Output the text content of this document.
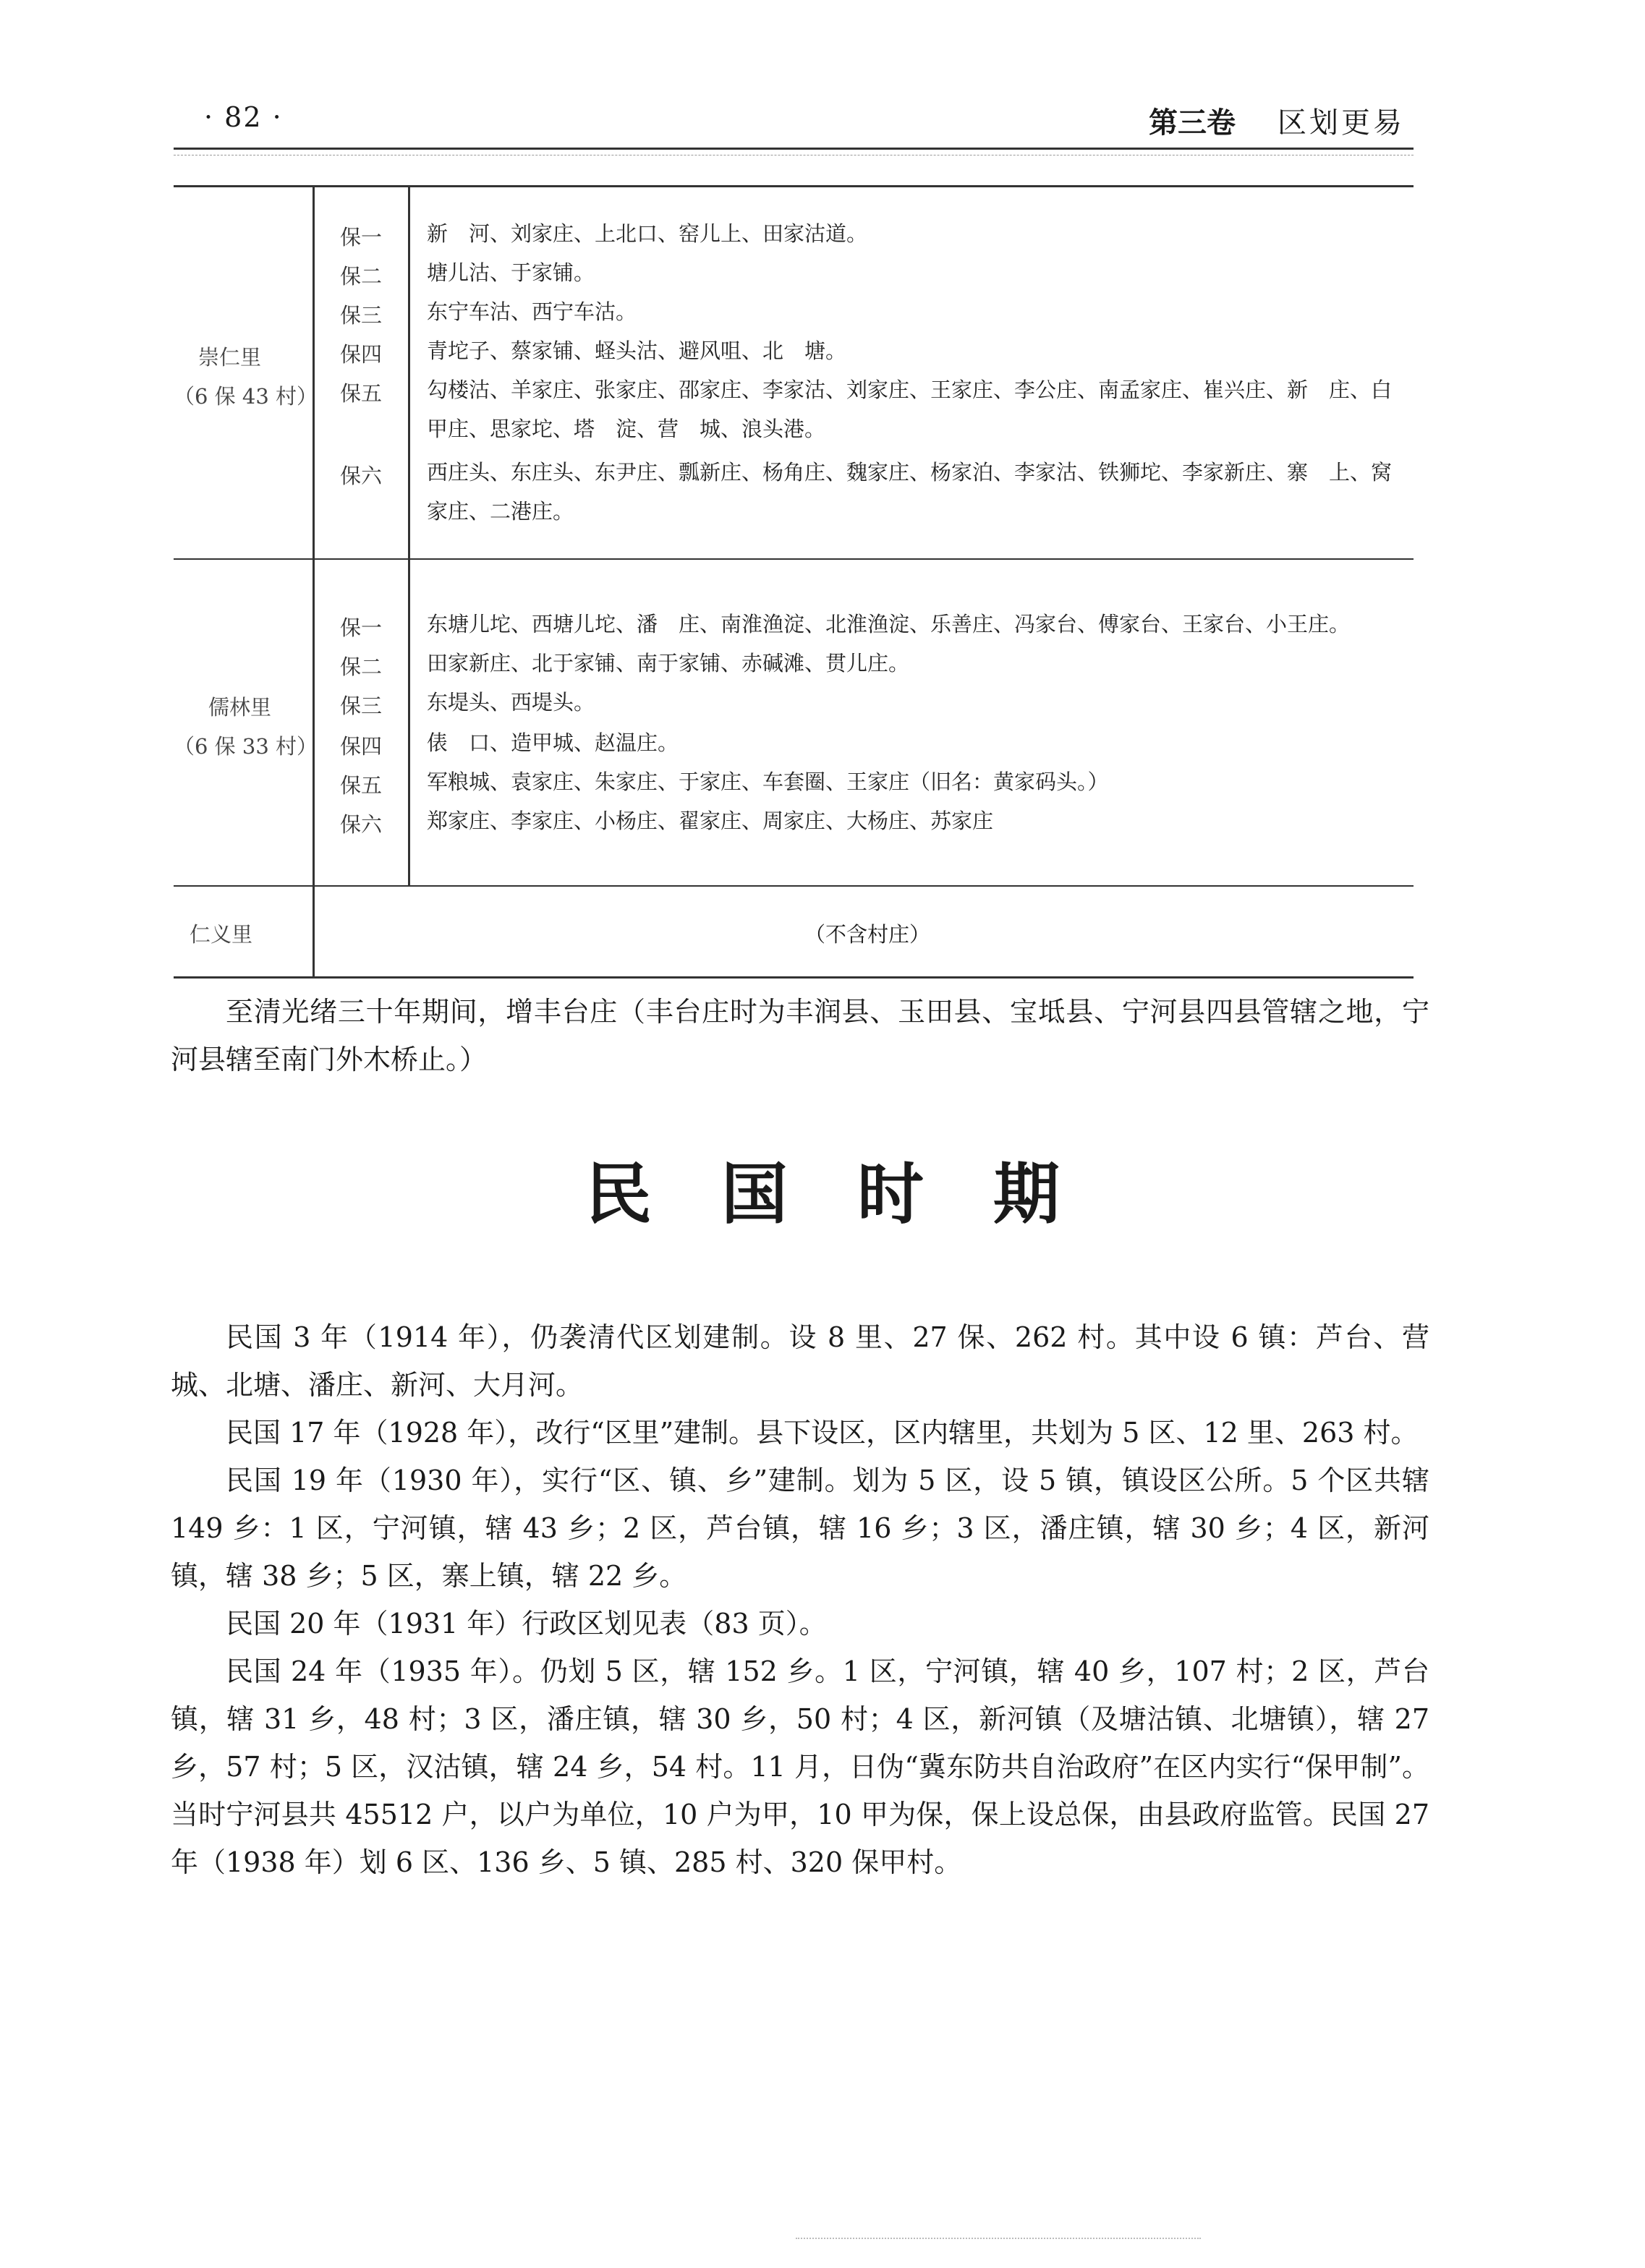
· 82 ·	第三卷 区划更易
崇仁里
（6 保 43 村）
保一 新　河、刘家庄、上北口、窑儿上、田家沽道。
保二 塘儿沽、于家铺。
保三 东宁车沽、西宁车沽。
保四 青坨子、蔡家铺、蛏头沽、避风咀、北　塘。
保五 勾楼沽、羊家庄、张家庄、邵家庄、李家沽、刘家庄、王家庄、李公庄、南孟家庄、崔兴庄、新　庄、白
甲庄、思家坨、塔　淀、营　城、浪头港。
保六 西庄头、东庄头、东尹庄、瓢新庄、杨角庄、魏家庄、杨家泊、李家沽、铁狮坨、李家新庄、寨　上、窝
家庄、二港庄。
儒林里
（6 保 33 村）
保一 东塘儿坨、西塘儿坨、潘　庄、南淮渔淀、北淮渔淀、乐善庄、冯家台、傅家台、王家台、小王庄。
保二 田家新庄、北于家铺、南于家铺、赤碱滩、贯儿庄。
保三 东堤头、西堤头。
保四 俵　口、造甲城、赵温庄。
保五 军粮城、袁家庄、朱家庄、于家庄、车套圈、王家庄（旧名：黄家码头。）
保六 郑家庄、李家庄、小杨庄、翟家庄、周家庄、大杨庄、苏家庄
仁义里	（不含村庄）
至清光绪三十年期间，增丰台庄（丰台庄时为丰润县、玉田县、宝坻县、宁河县四县管辖之地，宁河县辖至南门外木桥止。）
民国时期
民国 3 年（1914 年），仍袭清代区划建制。设 8 里、27 保、262 村。其中设 6 镇：芦台、营城、北塘、潘庄、新河、大月河。
民国 17 年（1928 年），改行“区里”建制。县下设区，区内辖里，共划为 5 区、12 里、263 村。
民国 19 年（1930 年），实行“区、镇、乡”建制。划为 5 区，设 5 镇，镇设区公所。5 个区共辖 149 乡：1 区，宁河镇，辖 43 乡；2 区，芦台镇，辖 16 乡；3 区，潘庄镇，辖 30 乡；4 区，新河镇，辖 38 乡；5 区，寨上镇，辖 22 乡。
民国 20 年（1931 年）行政区划见表（83 页）。
民国 24 年（1935 年）。仍划 5 区，辖 152 乡。1 区，宁河镇，辖 40 乡，107 村；2 区，芦台镇，辖 31 乡，48 村；3 区，潘庄镇，辖 30 乡，50 村；4 区，新河镇（及塘沽镇、北塘镇），辖 27 乡，57 村；5 区，汉沽镇，辖 24 乡，54 村。11 月，日伪“冀东防共自治政府”在区内实行“保甲制”。当时宁河县共 45512 户，以户为单位，10 户为甲，10 甲为保，保上设总保，由县政府监管。民国 27 年（1938 年）划 6 区、136 乡、5 镇、285 村、320 保甲村。
